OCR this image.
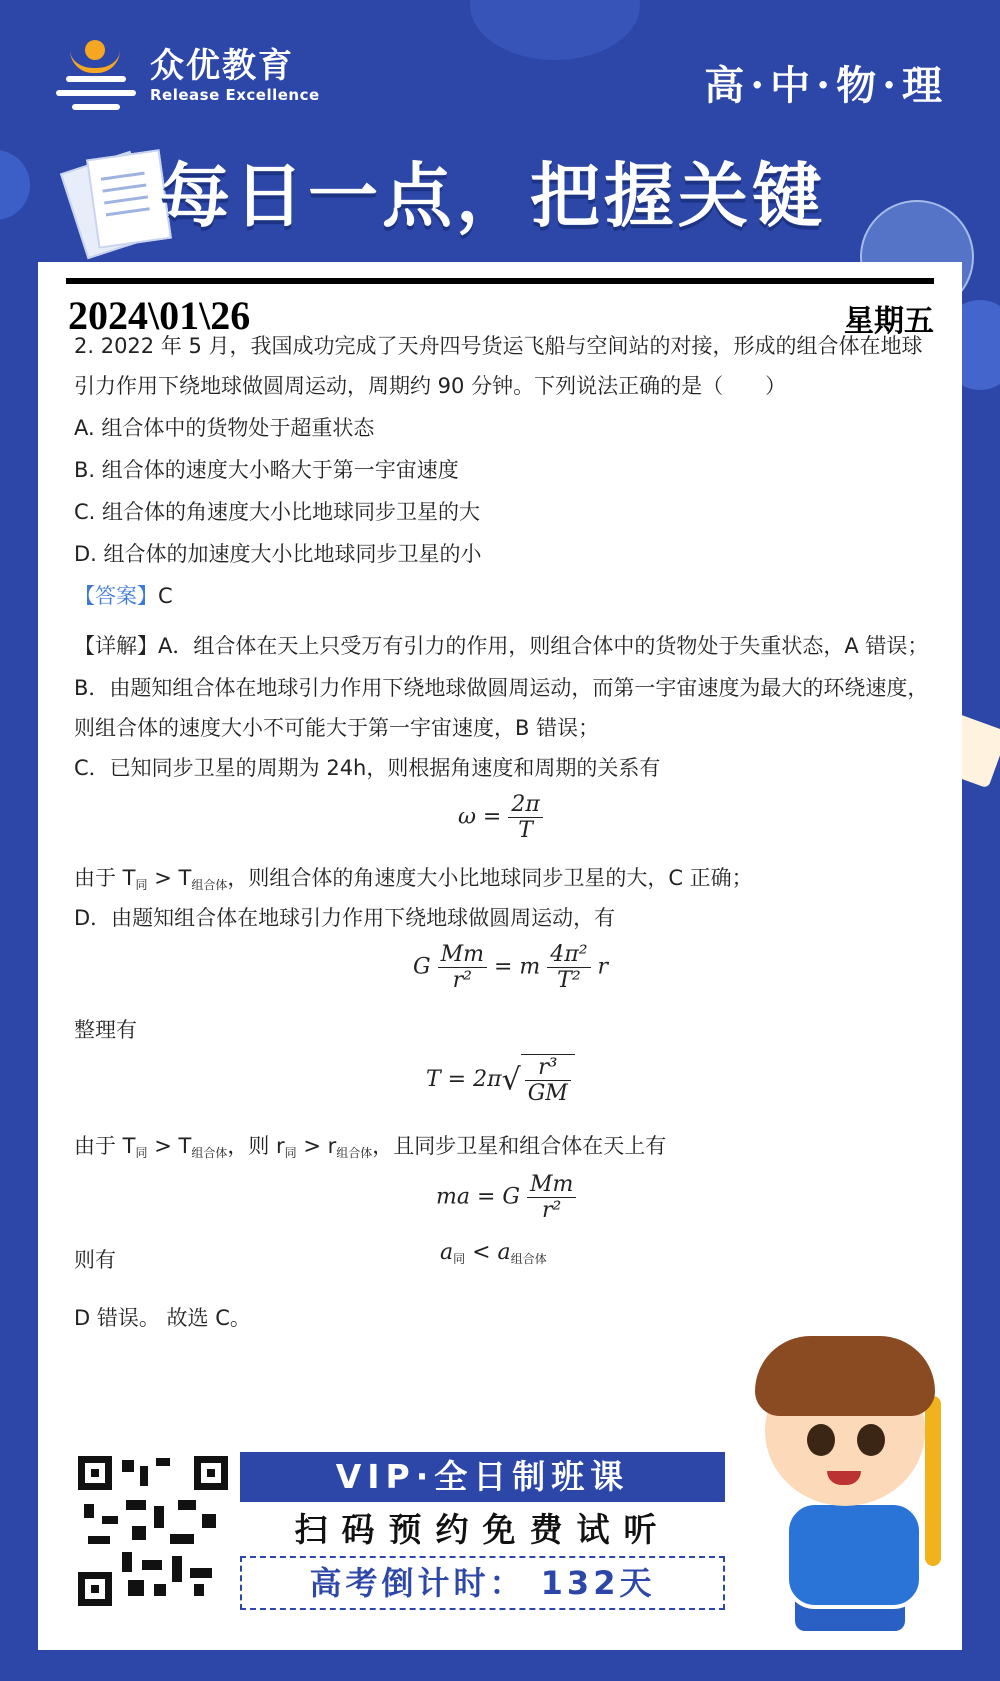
众优教育
Release Excellence	高·中·物·理
每日一点，把握关键
2024\01\26	星期五
2. 2022 年 5 月，我国成功完成了天舟四号货运飞船与空间站的对接，形成的组合体在地球
引力作用下绕地球做圆周运动，周期约 90 分钟。下列说法正确的是（　　）
A. 组合体中的货物处于超重状态
B. 组合体的速度大小略大于第一宇宙速度
C. 组合体的角速度大小比地球同步卫星的大
D. 组合体的加速度大小比地球同步卫星的小
【答案】C
【详解】A．组合体在天上只受万有引力的作用，则组合体中的货物处于失重状态，A 错误；
B．由题知组合体在地球引力作用下绕地球做圆周运动，而第一宇宙速度为最大的环绕速度，
则组合体的速度大小不可能大于第一宇宙速度，B 错误；
C．已知同步卫星的周期为 24h，则根据角速度和周期的关系有
$\omega = \frac{2\pi}{T}$
由于 $T_同 > T_{组合体}$，则组合体的角速度大小比地球同步卫星的大，C 正确；
D．由题知组合体在地球引力作用下绕地球做圆周运动，有
G $\frac{Mm}{\text{r²}} = m \frac{\text{4π²}}{\text{T²}}$ r
整理有
$T = 2\pi√ \frac{\text{r³}}{GM}$
由于 $T_同 > T_{组合体}$，则 $r_同 > r_{组合体}$，且同步卫星和组合体在天上有
ma = G $\frac{Mm}{\text{r²}}$
则有	$a_同 < a_{组合体}$
D 错误。 故选 C。
VIP·全日制班课
扫码预约免费试听
高考倒计时： 132天
